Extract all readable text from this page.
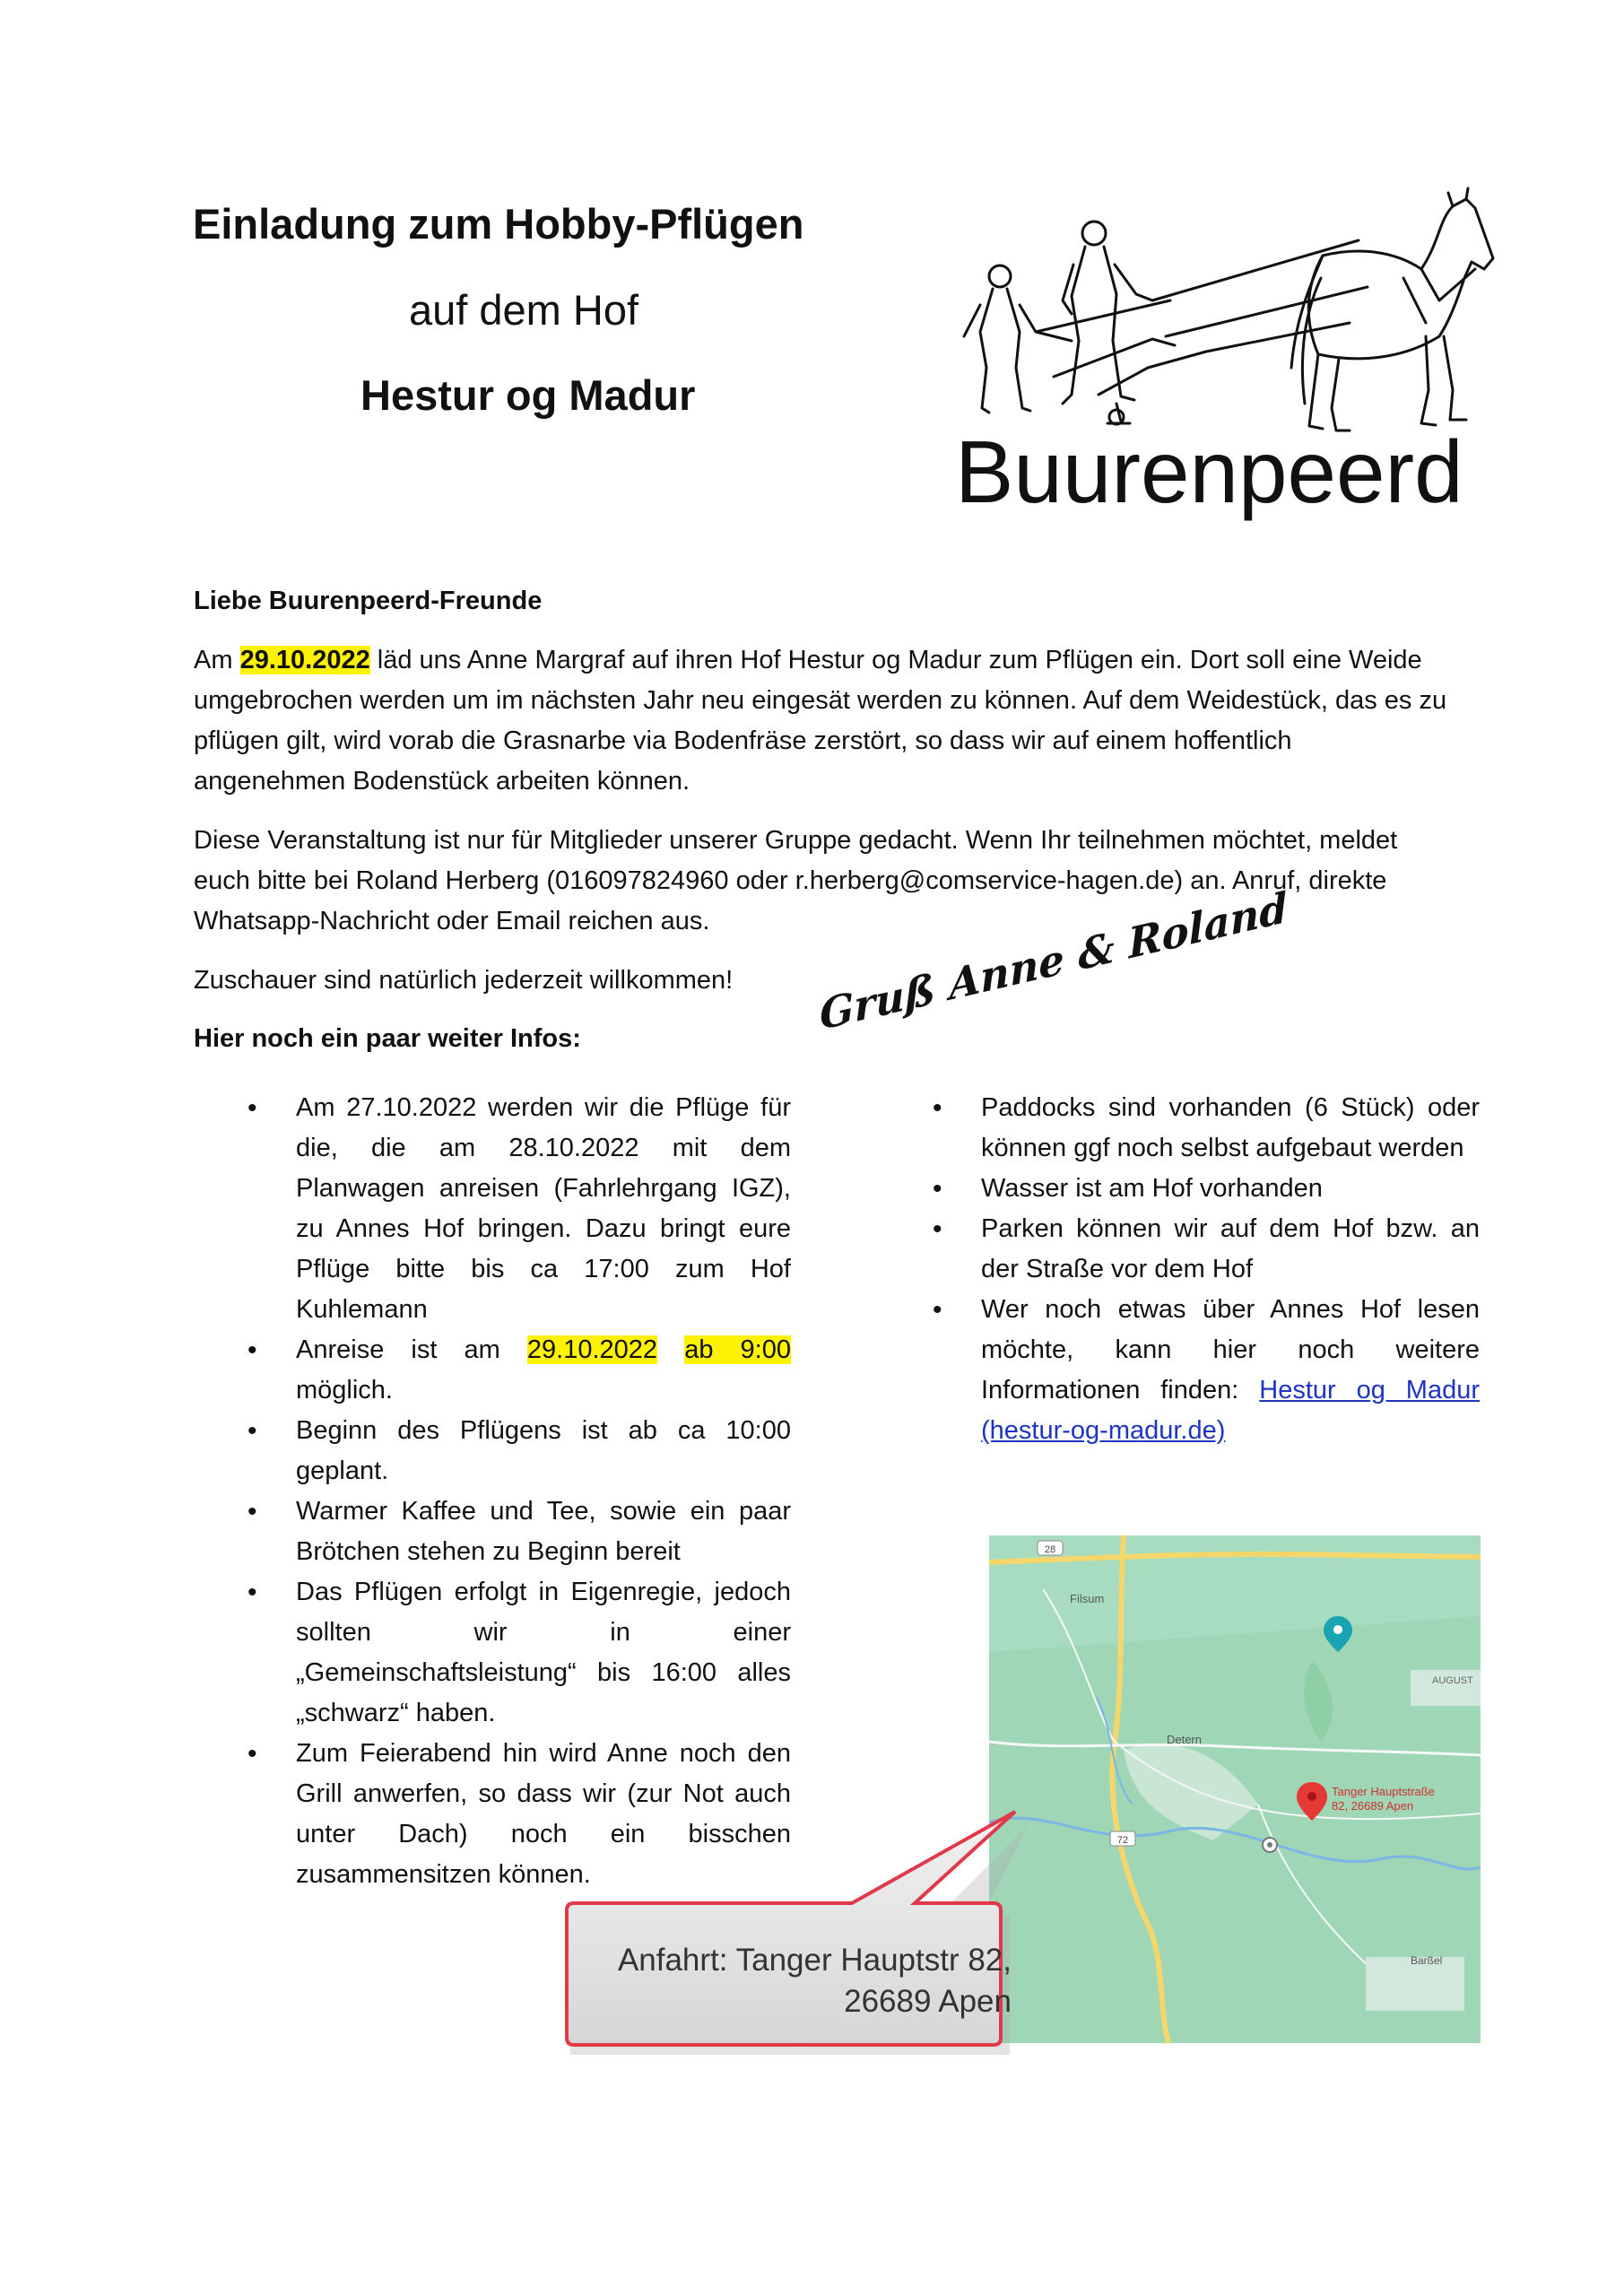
Einladung zum Hobby-Pflügen
auf dem Hof
Hestur og Madur
Buurenpeerd
Liebe Buurenpeerd-Freunde
Am 29.10.2022 läd uns Anne Margraf auf ihren Hof Hestur og Madur zum Pflügen ein. Dort soll eine Weide umgebrochen werden um im nächsten Jahr neu eingesät werden zu können. Auf dem Weidestück, das es zu pflügen gilt, wird vorab die Grasnarbe via Bodenfräse zerstört, so dass wir auf einem hoffentlich angenehmen Bodenstück arbeiten können.
Diese Veranstaltung ist nur für Mitglieder unserer Gruppe gedacht. Wenn Ihr teilnehmen möchtet, meldet euch bitte bei Roland Herberg (016097824960 oder r.herberg@comservice-hagen.de) an. Anruf, direkte Whatsapp-Nachricht oder Email reichen aus.
Zuschauer sind natürlich jederzeit willkommen! Gruß Anne & Roland
Hier noch ein paar weiter Infos:
• Am 27.10.2022 werden wir die Pflüge für die, die am 28.10.2022 mit dem Planwagen anreisen (Fahrlehrgang IGZ), zu Annes Hof bringen. Dazu bringt eure Pflüge bitte bis ca 17:00 zum Hof Kuhlemann
• Anreise ist am 29.10.2022 ab 9:00 möglich.
• Beginn des Pflügens ist ab ca 10:00 geplant.
• Warmer Kaffee und Tee, sowie ein paar Brötchen stehen zu Beginn bereit
• Das Pflügen erfolgt in Eigenregie, jedoch sollten wir in einer „Gemeinschaftsleistung“ bis 16:00 alles „schwarz“ haben.
• Zum Feierabend hin wird Anne noch den Grill anwerfen, so dass wir (zur Not auch unter Dach) noch ein bisschen zusammensitzen können.
• Paddocks sind vorhanden (6 Stück) oder können ggf noch selbst aufgebaut werden
• Wasser ist am Hof vorhanden
• Parken können wir auf dem Hof bzw. an der Straße vor dem Hof
• Wer noch etwas über Annes Hof lesen möchte, kann hier noch weitere Informationen finden: Hestur og Madur (hestur-og-madur.de)
28
72
Filsum
Detern
AUGUST
Barßel
Tanger Hauptstraße
82, 26689 Apen
Anfahrt: Tanger Hauptstr 82,
26689 Apen
